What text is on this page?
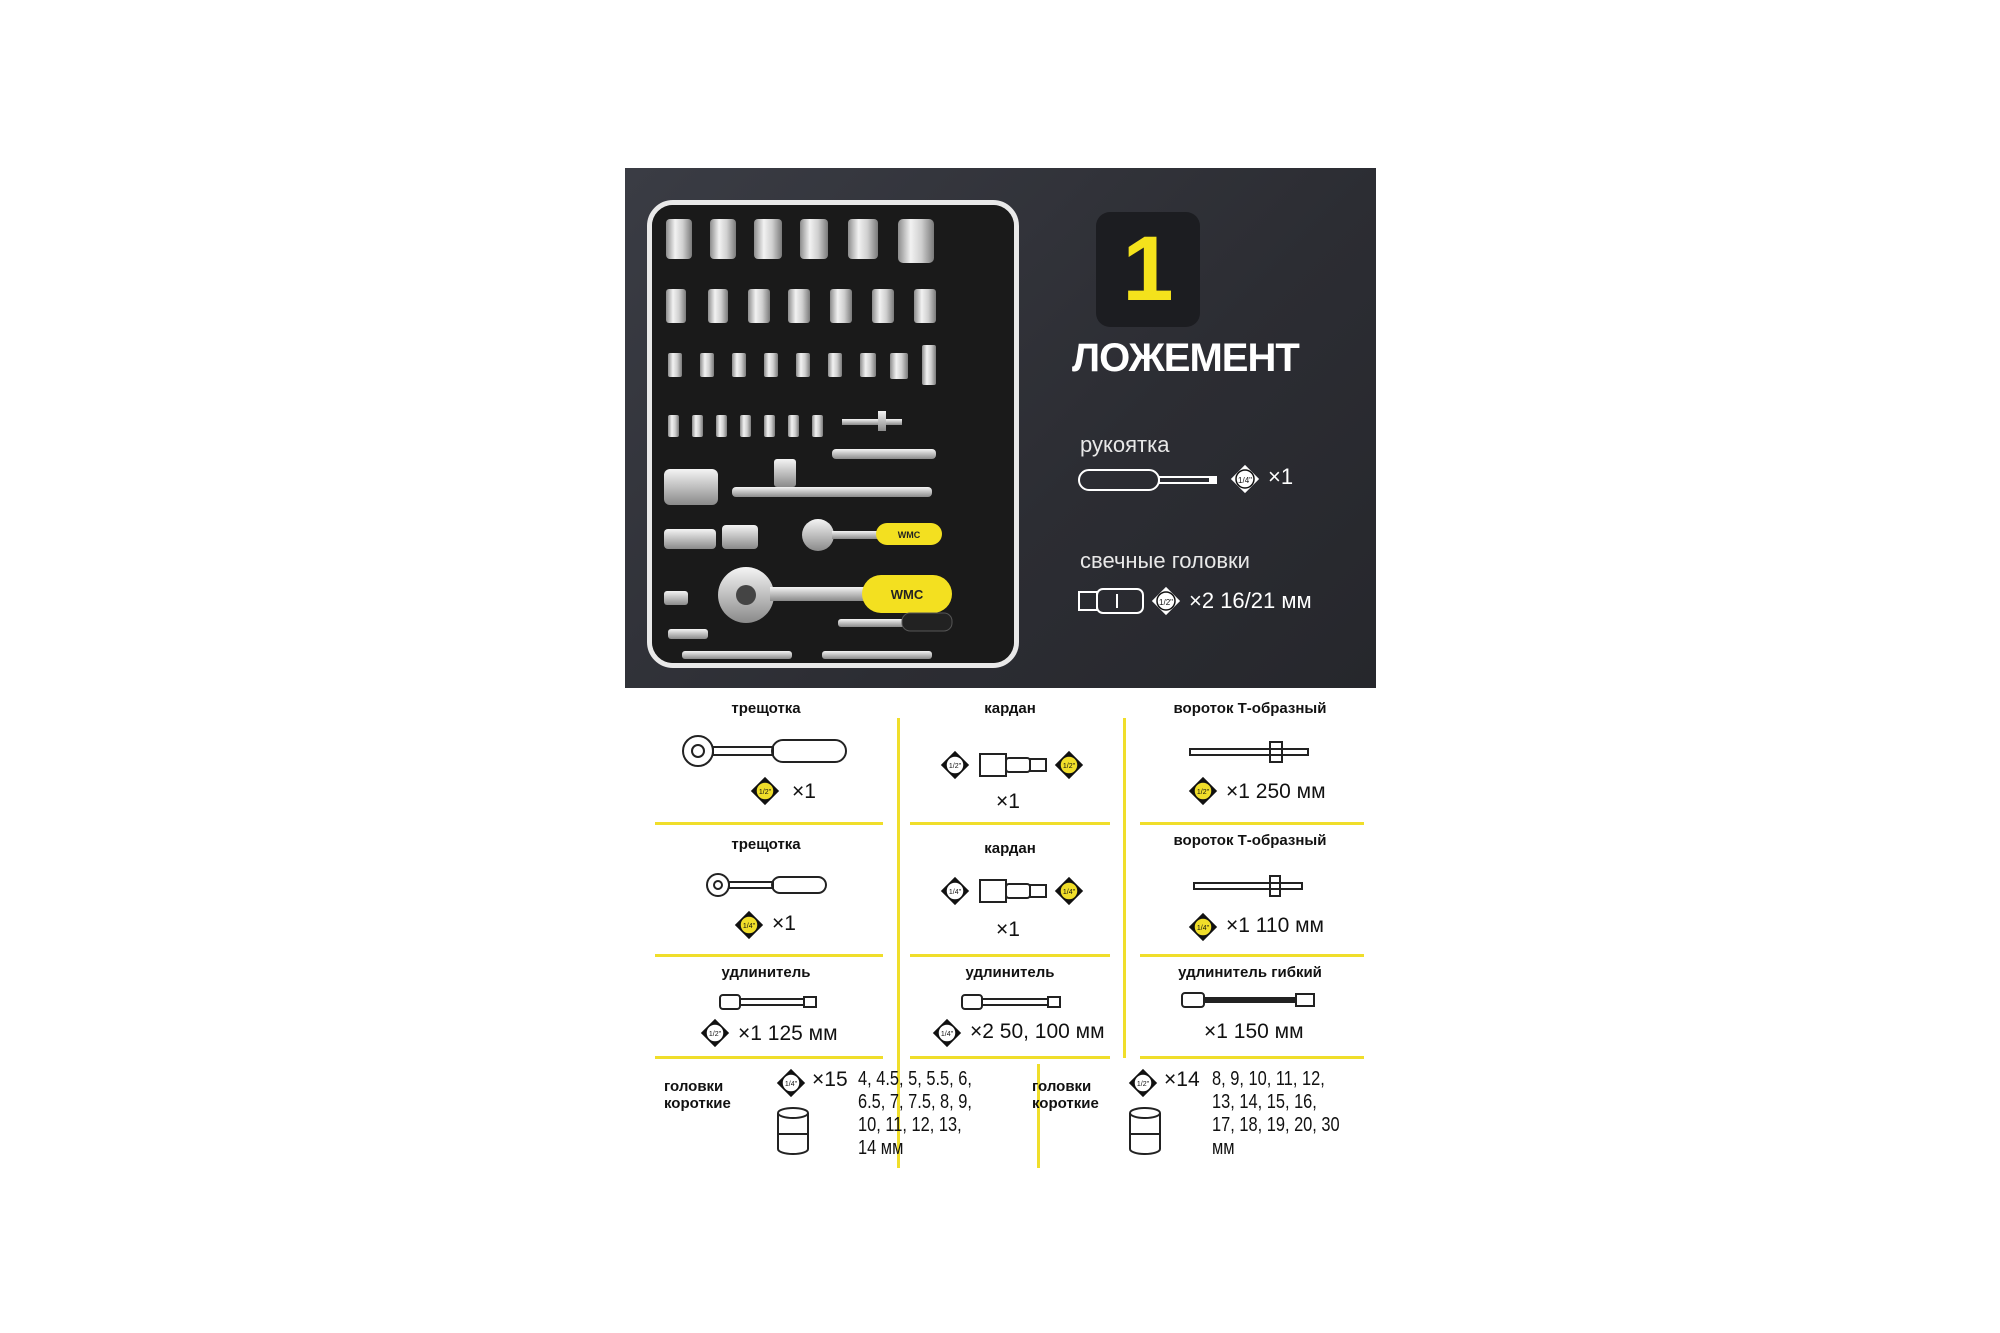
WMC
WMC
1
ЛОЖЕМЕНТ
рукоятка
1/4" ×1
свечные головки
1/2" ×2 16/21 мм
трещотка
1/2" ×1
кардан
1/2"	1/2"
×1
вороток Т-образный
1/2" ×1 250 мм
трещотка
1/4" ×1
кардан
1/4"	1/4"
×1
вороток Т-образный
1/4" ×1 110 мм
удлинитель
1/2" ×1 125 мм
удлинитель
1/4" ×2 50, 100 мм
удлинитель гибкий
×1 150 мм
головки короткие
1/4" ×15 4, 4.5, 5, 5.5, 6, 6.5, 7, 7.5, 8, 9, 10, 11, 12, 13, 14 мм
головки короткие
1/2" ×14 8, 9, 10, 11, 12, 13, 14, 15, 16, 17, 18, 19, 20, 30 мм
